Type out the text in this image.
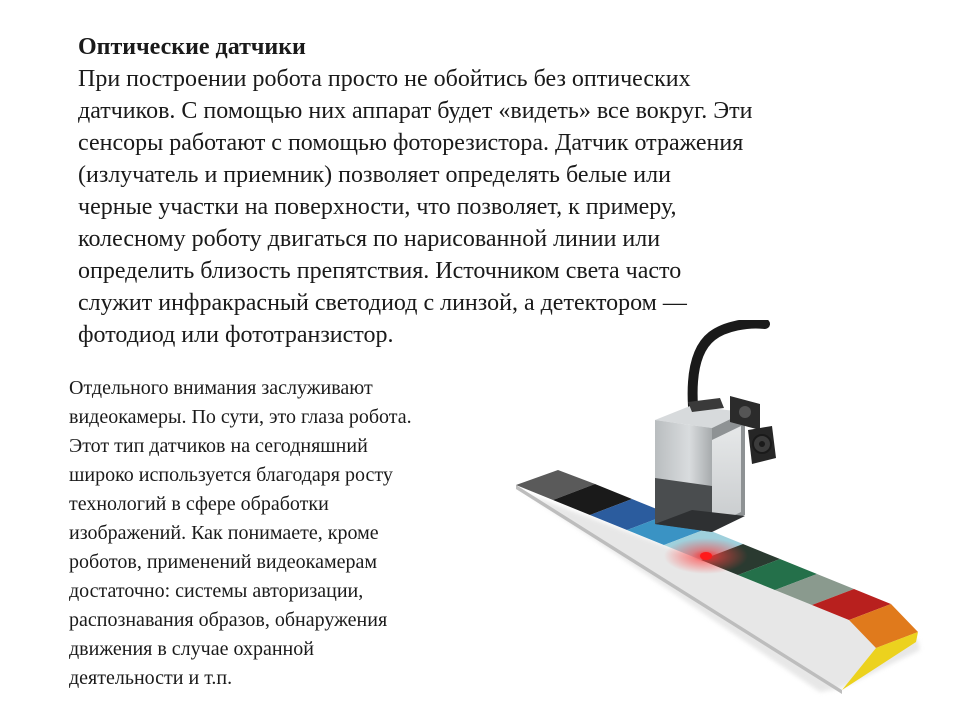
Оптические датчики

При построении робота просто не обойтись без оптических
датчиков. С помощью них аппарат будет «видеть» все вокруг. Эти
сенсоры работают с помощью фоторезистора. Датчик отражения
(излучатель и приемник) позволяет определять белые или
черные участки на поверхности, что позволяет, к примеру,
колесному роботу двигаться по нарисованной линии или
определить близость препятствия. Источником света часто
служит инфракрасный светодиод с линзой, а детектором —
фотодиод или фототранзистор.

Отдельного внимания заслуживают
видеокамеры. По сути, это глаза робота.
Этот тип датчиков на сегодняшний
широко используется благодаря росту
технологий в сфере обработки
изображений. Как понимаете, кроме
роботов, применений видеокамерам
достаточно: системы авторизации,
распознавания образов, обнаружения
движения в случае охранной
деятельности и т.п.
